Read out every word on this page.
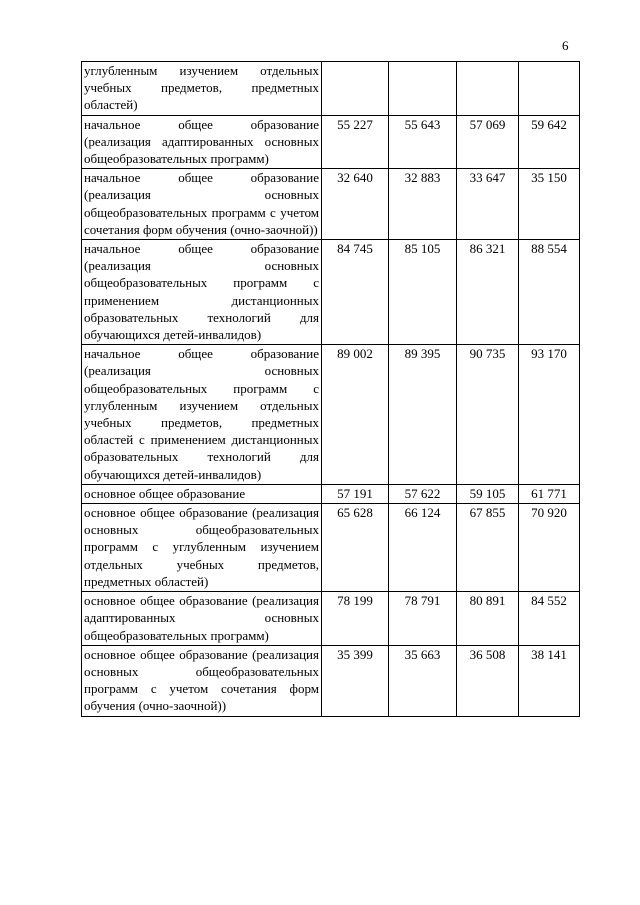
6
углубленным изучением отдельных учебных предметов, предметных областей)				
начальное общее образование (реализация адаптированных основных общеобразовательных программ)	55 227	55 643	57 069	59 642
начальное общее образование (реализация основных общеобразовательных программ с учетом сочетания форм обучения (очно-заочной))	32 640	32 883	33 647	35 150
начальное общее образование (реализация основных общеобразовательных программ с применением дистанционных образовательных технологий для обучающихся детей-инвалидов)	84 745	85 105	86 321	88 554
начальное общее образование (реализация основных общеобразовательных программ с углубленным изучением отдельных учебных предметов, предметных областей с применением дистанционных образовательных технологий для обучающихся детей-инвалидов)	89 002	89 395	90 735	93 170
основное общее образование	57 191	57 622	59 105	61 771
основное общее образование (реализация основных общеобразовательных программ с углубленным изучением отдельных учебных предметов, предметных областей)	65 628	66 124	67 855	70 920
основное общее образование (реализация адаптированных основных общеобразовательных программ)	78 199	78 791	80 891	84 552
основное общее образование (реализация основных общеобразовательных программ с учетом сочетания форм обучения (очно-заочной))	35 399	35 663	36 508	38 141
